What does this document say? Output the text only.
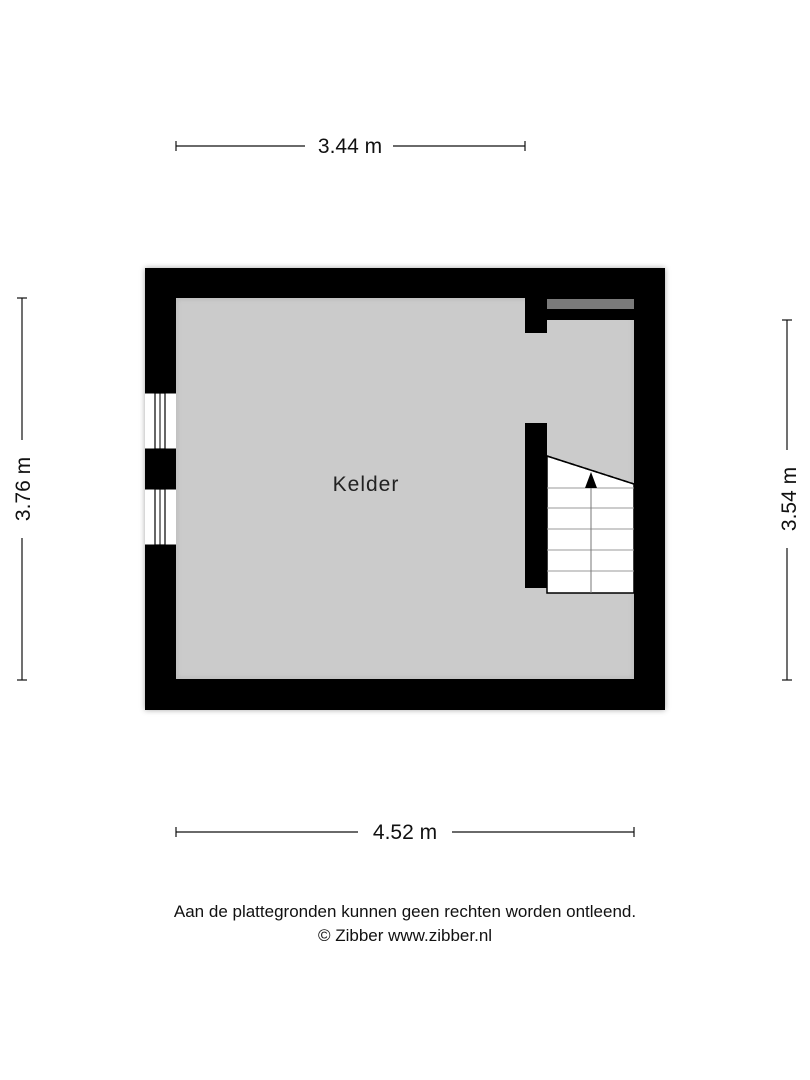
3.44 m
4.52 m
3.76 m	3.54 m
Kelder
Aan de plattegronden kunnen geen rechten worden ontleend.
© Zibber www.zibber.nl
